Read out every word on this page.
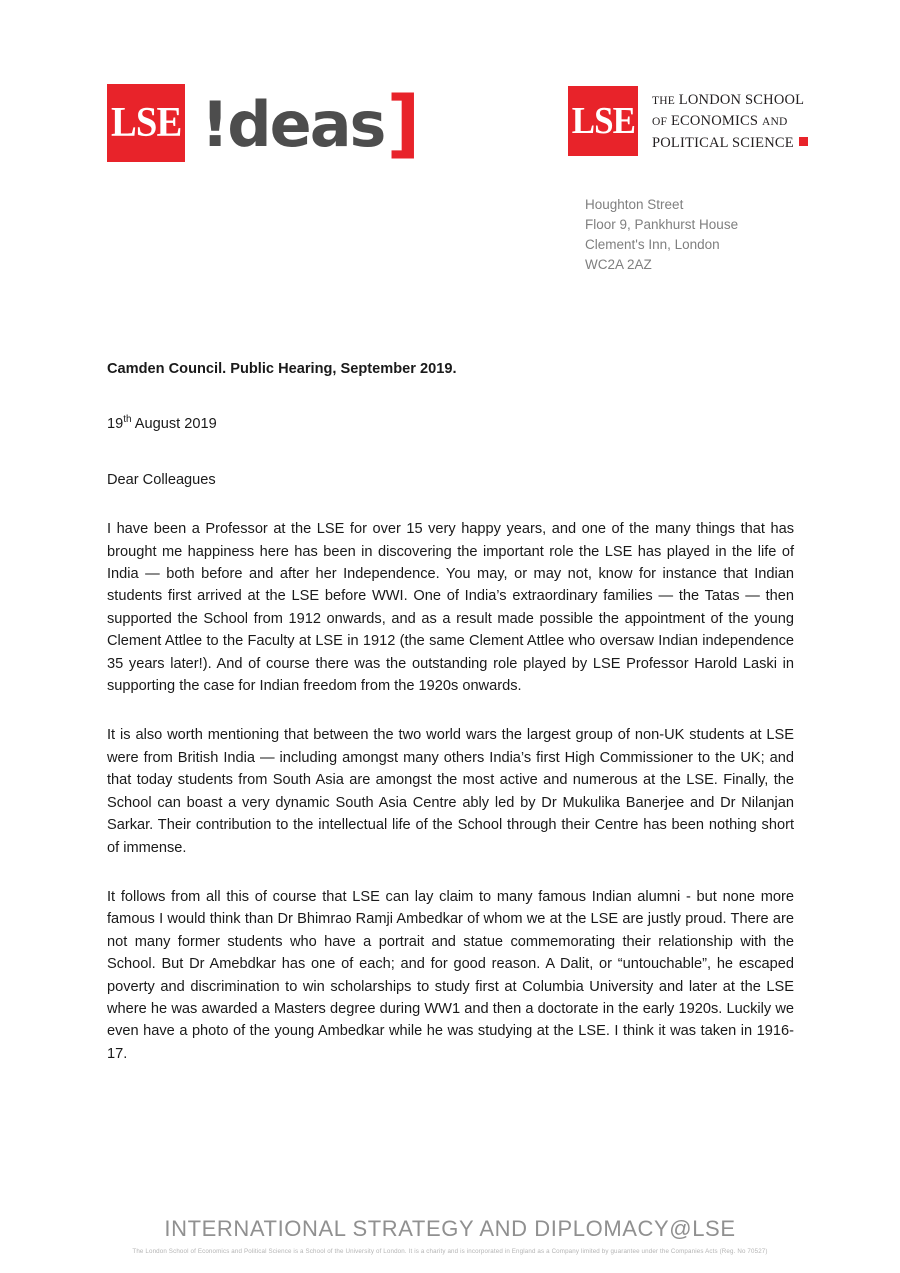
LSE !deas]	LSE THE LONDON SCHOOL
OF ECONOMICS AND
POLITICAL SCIENCE
Houghton Street
Floor 9, Pankhurst House
Clement's Inn, London
WC2A 2AZ

Camden Council. Public Hearing, September 2019.

19th August 2019

Dear Colleagues

I have been a Professor at the LSE for over 15 very happy years, and one of the many things that has brought me happiness here has been in discovering the important role the LSE has played in the life of India — both before and after her Independence. You may, or may not, know for instance that Indian students first arrived at the LSE before WWI. One of India’s extraordinary families — the Tatas — then supported the School from 1912 onwards, and as a result made possible the appointment of the young Clement Attlee to the Faculty at LSE in 1912 (the same Clement Attlee who oversaw Indian independence 35 years later!). And of course there was the outstanding role played by LSE Professor Harold Laski in supporting the case for Indian freedom from the 1920s onwards.

It is also worth mentioning that between the two world wars the largest group of non-UK students at LSE were from British India — including amongst many others India’s first High Commissioner to the UK; and that today students from South Asia are amongst the most active and numerous at the LSE. Finally, the School can boast a very dynamic South Asia Centre ably led by Dr Mukulika Banerjee and Dr Nilanjan Sarkar. Their contribution to the intellectual life of the School through their Centre has been nothing short of immense.

It follows from all this of course that LSE can lay claim to many famous Indian alumni - but none more famous I would think than Dr Bhimrao Ramji Ambedkar of whom we at the LSE are justly proud. There are not many former students who have a portrait and statue commemorating their relationship with the School. But Dr Amebdkar has one of each; and for good reason. A Dalit, or “untouchable”, he escaped poverty and discrimination to win scholarships to study first at Columbia University and later at the LSE where he was awarded a Masters degree during WW1 and then a doctorate in the early 1920s. Luckily we even have a photo of the young Ambedkar while he was studying at the LSE. I think it was taken in 1916-17.

INTERNATIONAL STRATEGY AND DIPLOMACY@LSE
The London School of Economics and Political Science is a School of the University of London. It is a charity and is incorporated in England as a Company limited by guarantee under the Companies Acts (Reg. No 70527)
